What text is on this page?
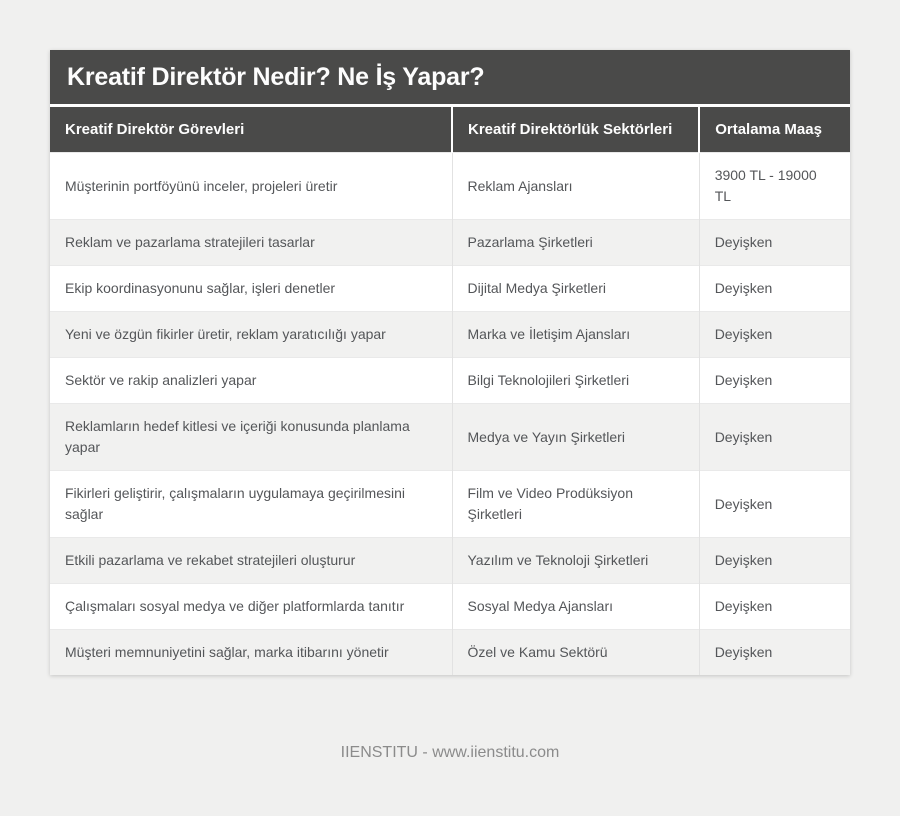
Kreatif Direktör Nedir? Ne İş Yapar?
Kreatif Direktör Görevleri	Kreatif Direktörlük Sektörleri	Ortalama Maaş
Müşterinin portföyünü inceler, projeleri üretir	Reklam Ajansları	3900 TL - 19000 TL
Reklam ve pazarlama stratejileri tasarlar	Pazarlama Şirketleri	Deyişken
Ekip koordinasyonunu sağlar, işleri denetler	Dijital Medya Şirketleri	Deyişken
Yeni ve özgün fikirler üretir, reklam yaratıcılığı yapar	Marka ve İletişim Ajansları	Deyişken
Sektör ve rakip analizleri yapar	Bilgi Teknolojileri Şirketleri	Deyişken
Reklamların hedef kitlesi ve içeriği konusunda planlama yapar	Medya ve Yayın Şirketleri	Deyişken
Fikirleri geliştirir, çalışmaların uygulamaya geçirilmesini sağlar	Film ve Video Prodüksiyon Şirketleri	Deyişken
Etkili pazarlama ve rekabet stratejileri oluşturur	Yazılım ve Teknoloji Şirketleri	Deyişken
Çalışmaları sosyal medya ve diğer platformlarda tanıtır	Sosyal Medya Ajansları	Deyişken
Müşteri memnuniyetini sağlar, marka itibarını yönetir	Özel ve Kamu Sektörü	Deyişken
IIENSTITU - www.iienstitu.com
